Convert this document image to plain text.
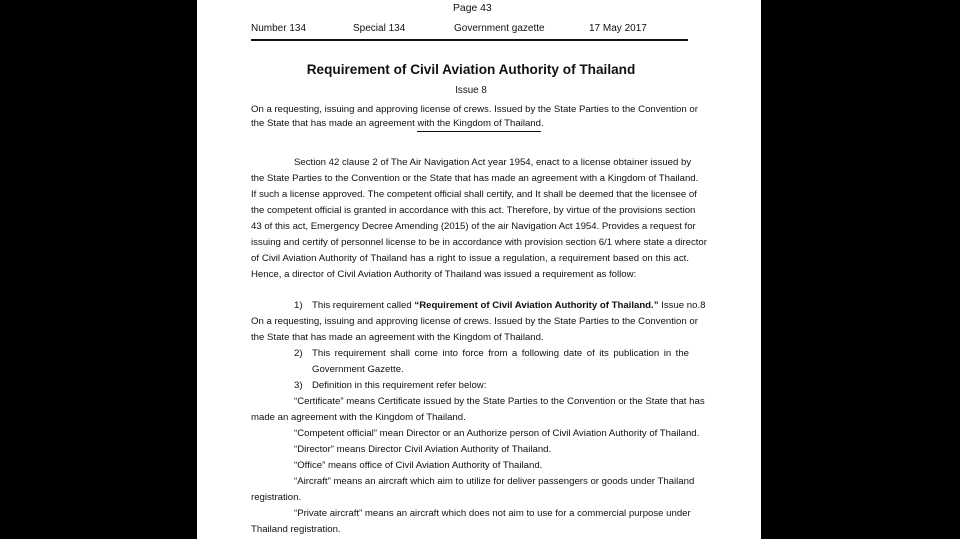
Page 43
Number 134	Special 134	Government gazette	17 May 2017
Requirement of Civil Aviation Authority of Thailand
Issue 8
On a requesting, issuing and approving license of crews. Issued by the State Parties to the Convention or
the State that has made an agreement with the Kingdom of Thailand.
Section 42 clause 2 of The Air Navigation Act year 1954, enact to a license obtainer issued by
the State Parties to the Convention or the State that has made an agreement with a Kingdom of Thailand.
If such a license approved. The competent official shall certify, and It shall be deemed that the licensee of
the competent official is granted in accordance with this act. Therefore, by virtue of the provisions section
43 of this act, Emergency Decree Amending (2015) of the air Navigation Act 1954. Provides a request for
issuing and certify of personnel license to be in accordance with provision section 6/1 where state a director
of Civil Aviation Authority of Thailand has a right to issue a regulation, a requirement based on this act.
Hence, a director of Civil Aviation Authority of Thailand was issued a requirement as follow:
1) This requirement called “Requirement of Civil Aviation Authority of Thailand.” Issue no.8
On a requesting, issuing and approving license of crews. Issued by the State Parties to the Convention or
the State that has made an agreement with the Kingdom of Thailand.
2) This requirement shall come into force from a following date of its publication in the
Government Gazette.
3) Definition in this requirement refer below:
“Certificate” means Certificate issued by the State Parties to the Convention or the State that has
made an agreement with the Kingdom of Thailand.
“Competent official” mean Director or an Authorize person of Civil Aviation Authority of Thailand.
“Director” means Director Civil Aviation Authority of Thailand.
“Office” means office of Civil Aviation Authority of Thailand.
“Aircraft” means an aircraft which aim to utilize for deliver passengers or goods under Thailand
registration.
“Private aircraft” means an aircraft which does not aim to use for a commercial purpose under
Thailand registration.
